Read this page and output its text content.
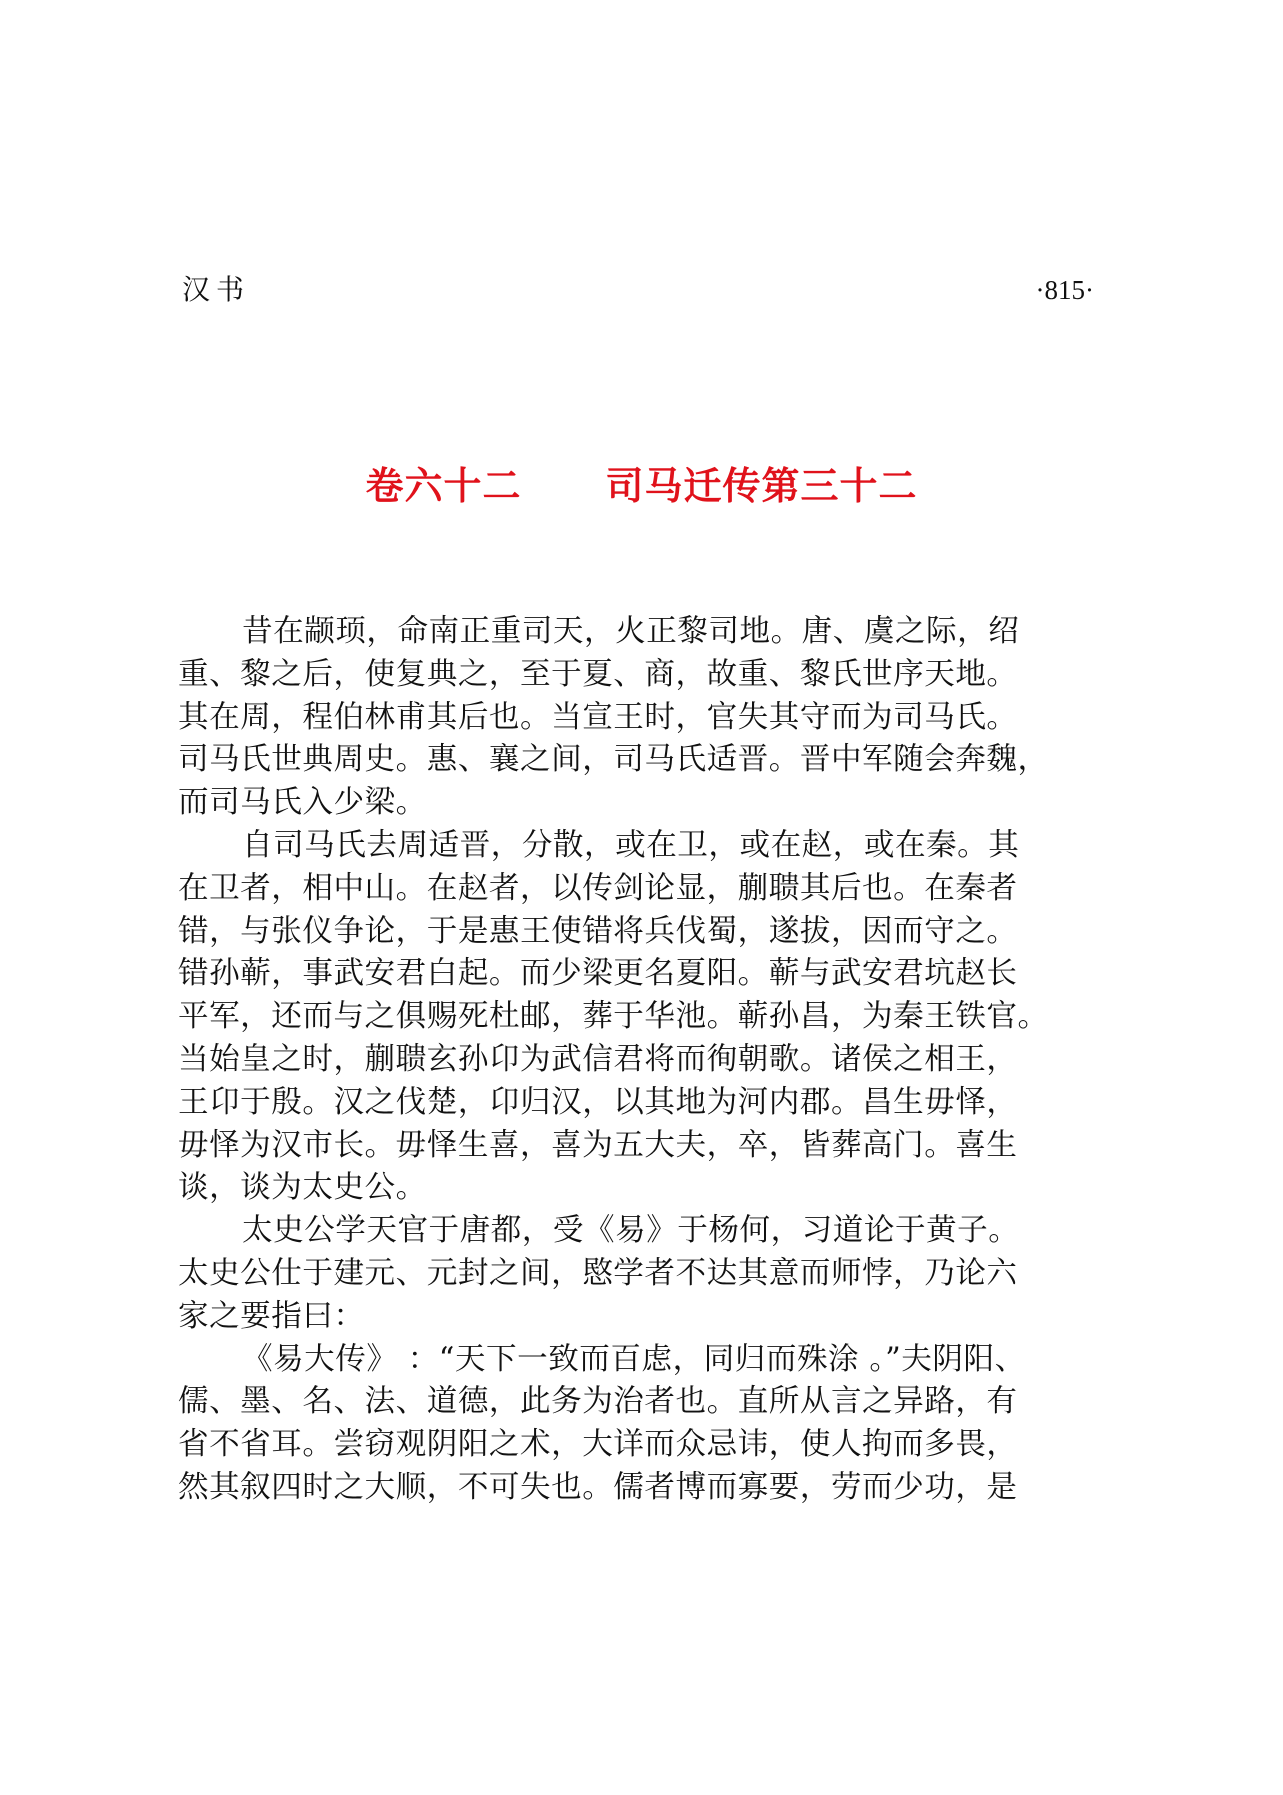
汉书	·815·
卷六十二 司马迁传第三十二
昔在颛顼，命南正重司天，火正黎司地。唐、虞之际，绍
重、黎之后，使复典之，至于夏、商，故重、黎氏世序天地。
其在周，程伯林甫其后也。当宣王时，官失其守而为司马氏。
司马氏世典周史。惠、襄之间，司马氏适晋。晋中军随会奔魏，
而司马氏入少梁。
自司马氏去周适晋，分散，或在卫，或在赵，或在秦。其
在卫者，相中山。在赵者，以传剑论显，蒯聩其后也。在秦者
错，与张仪争论，于是惠王使错将兵伐蜀，遂拔，因而守之。
错孙蕲，事武安君白起。而少梁更名夏阳。蕲与武安君坑赵长
平军，还而与之俱赐死杜邮，葬于华池。蕲孙昌，为秦王铁官。
当始皇之时，蒯聩玄孙卬为武信君将而徇朝歌。诸侯之相王，
王卬于殷。汉之伐楚，卬归汉，以其地为河内郡。昌生毋怿，
毋怿为汉市长。毋怿生喜，喜为五大夫，卒，皆葬高门。喜生
谈，谈为太史公。
太史公学天官于唐都，受《易》于杨何，习道论于黄子。
太史公仕于建元、元封之间，愍学者不达其意而师悖，乃论六
家之要指曰：
《易大传》 ：“天下一致而百虑，同归而殊涂 。”夫阴阳、
儒、墨、名、法、道德，此务为治者也。直所从言之异路，有
省不省耳。尝窃观阴阳之术，大详而众忌讳，使人拘而多畏，
然其叙四时之大顺，不可失也。儒者博而寡要，劳而少功，是
